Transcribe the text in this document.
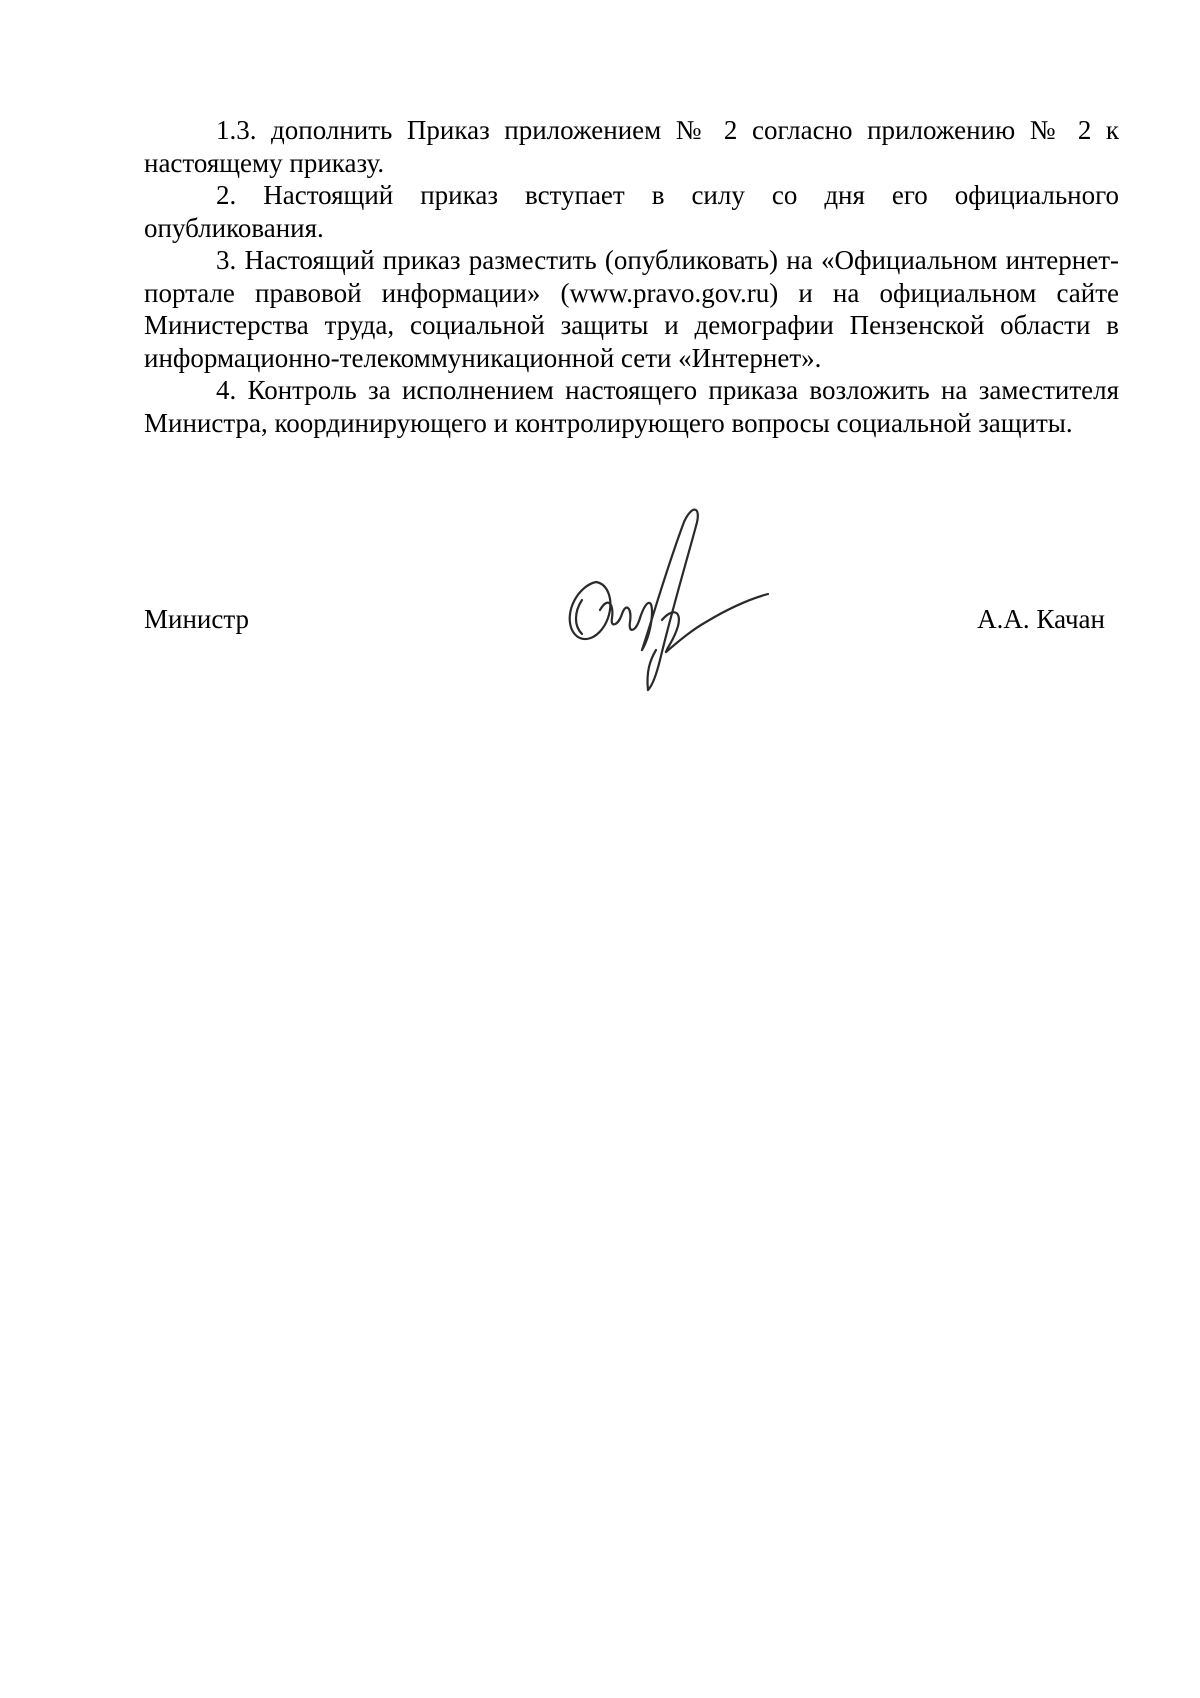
1.3. дополнить Приказ приложением № 2 согласно приложению № 2 к настоящему приказу.

2. Настоящий приказ вступает в силу со дня его официального опубликования.

3. Настоящий приказ разместить (опубликовать) на «Официальном интернет-портале правовой информации» (www.pravo.gov.ru) и на официальном сайте Министерства труда, социальной защиты и демографии Пензенской области в информационно-телекоммуникационной сети «Интернет».

4. Контроль за исполнением настоящего приказа возложить на заместителя Министра, координирующего и контролирующего вопросы социальной защиты.

Министр	А.А. Качан
